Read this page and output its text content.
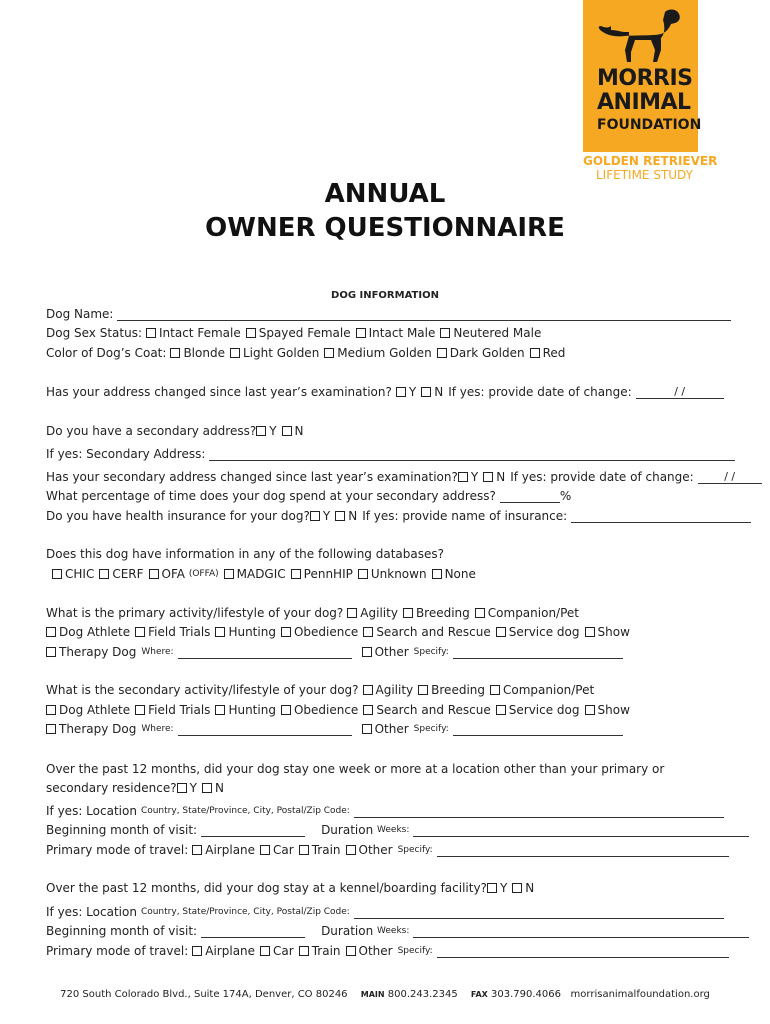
MORRIS
ANIMAL
FOUNDATION
GOLDEN RETRIEVER
LIFETIME STUDY
ANNUAL
OWNER QUESTIONNAIRE
DOG INFORMATION
Dog Name:
Dog Sex Status: Intact Female Spayed Female Intact Male Neutered Male
Color of Dog’s Coat: Blonde Light Golden Medium Golden Dark Golden Red
Has your address changed since last year’s examination? Y N If yes: provide date of change:	/ /
Do you have a secondary address? Y N
If yes: Secondary Address:
Has your secondary address changed since last year’s examination? Y N If yes: provide date of change:	/ /
What percentage of time does your dog spend at your secondary address?	%
Do you have health insurance for your dog? Y N If yes: provide name of insurance:
Does this dog have information in any of the following databases?
CHIC CERF OFA
(OFFA) MADGIC PennHIP Unknown None
What is the primary activity/lifestyle of your dog? Agility Breeding Companion/Pet
Dog Athlete Field Trials Hunting Obedience Search and Rescue Service dog Show
Therapy Dog Where:	Other Specify:
What is the secondary activity/lifestyle of your dog? Agility Breeding Companion/Pet
Dog Athlete Field Trials Hunting Obedience Search and Rescue Service dog Show
Therapy Dog Where:	Other Specify:
Over the past 12 months, did your dog stay one week or more at a location other than your primary or
secondary residence? Y N
If yes: Location Country, State/Province, City, Postal/Zip Code:
Beginning month of visit:	Duration
Weeks:
Primary mode of travel: Airplane Car Train Other Specify:
Over the past 12 months, did your dog stay at a kennel/boarding facility? Y N
If yes: Location Country, State/Province, City, Postal/Zip Code:
Beginning month of visit:	Duration
Weeks:
Primary mode of travel: Airplane Car Train Other Specify:
720 South Colorado Blvd., Suite 174A, Denver, CO 80246 MAIN 800.243.2345 FAX 303.790.4066 morrisanimalfoundation.org
